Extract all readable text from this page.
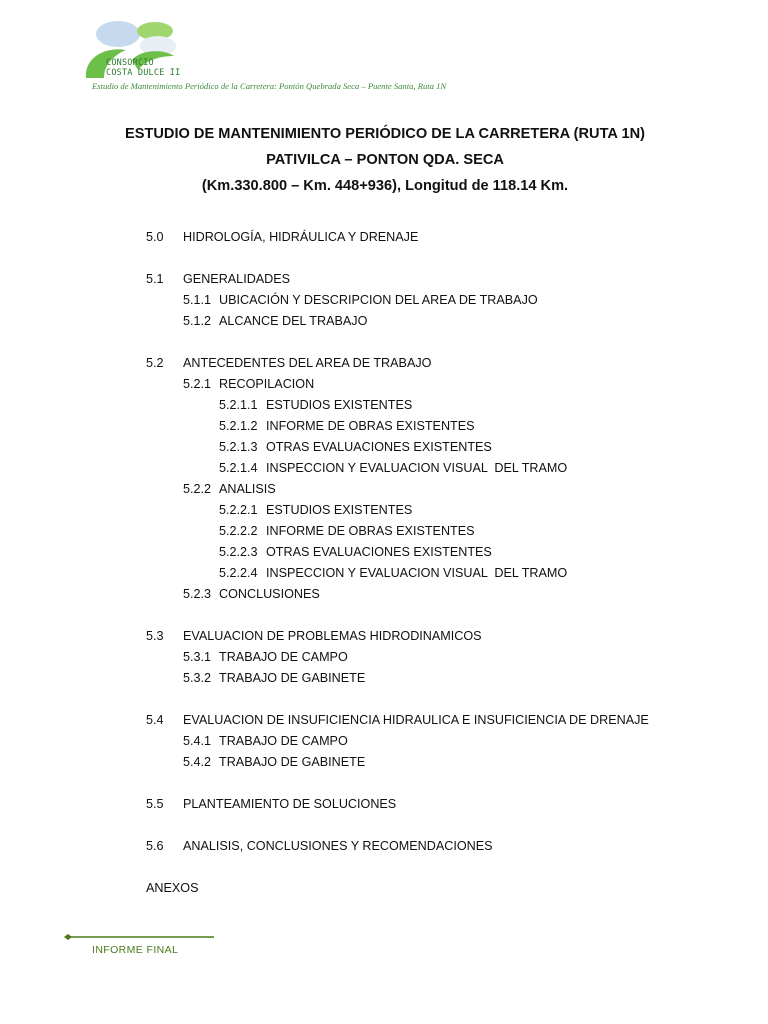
CONSORCIO
COSTA DULCE II
Estudio de Mantenimiento Periódico de la Carretera: Pontón Quebrada Seca – Puente Santa, Ruta 1N
ESTUDIO DE MANTENIMIENTO PERIÓDICO DE LA CARRETERA (RUTA 1N)
PATIVILCA – PONTON QDA. SECA
(Km.330.800 – Km. 448+936), Longitud de 118.14 Km.
5.0 HIDROLOGÍA, HIDRÁULICA Y DRENAJE
5.1 GENERALIDADES
5.1.1 UBICACIÓN Y DESCRIPCION DEL AREA DE TRABAJO
5.1.2 ALCANCE DEL TRABAJO
5.2 ANTECEDENTES DEL AREA DE TRABAJO
5.2.1 RECOPILACION
5.2.1.1 ESTUDIOS EXISTENTES
5.2.1.2 INFORME DE OBRAS EXISTENTES
5.2.1.3 OTRAS EVALUACIONES EXISTENTES
5.2.1.4 INSPECCION Y EVALUACION VISUAL  DEL TRAMO
5.2.2 ANALISIS
5.2.2.1 ESTUDIOS EXISTENTES
5.2.2.2 INFORME DE OBRAS EXISTENTES
5.2.2.3 OTRAS EVALUACIONES EXISTENTES
5.2.2.4 INSPECCION Y EVALUACION VISUAL  DEL TRAMO
5.2.3 CONCLUSIONES
5.3 EVALUACION DE PROBLEMAS HIDRODINAMICOS
5.3.1 TRABAJO DE CAMPO
5.3.2 TRABAJO DE GABINETE
5.4 EVALUACION DE INSUFICIENCIA HIDRAULICA E INSUFICIENCIA DE DRENAJE
5.4.1 TRABAJO DE CAMPO
5.4.2 TRABAJO DE GABINETE
5.5 PLANTEAMIENTO DE SOLUCIONES
5.6 ANALISIS, CONCLUSIONES Y RECOMENDACIONES
ANEXOS
INFORME FINAL
